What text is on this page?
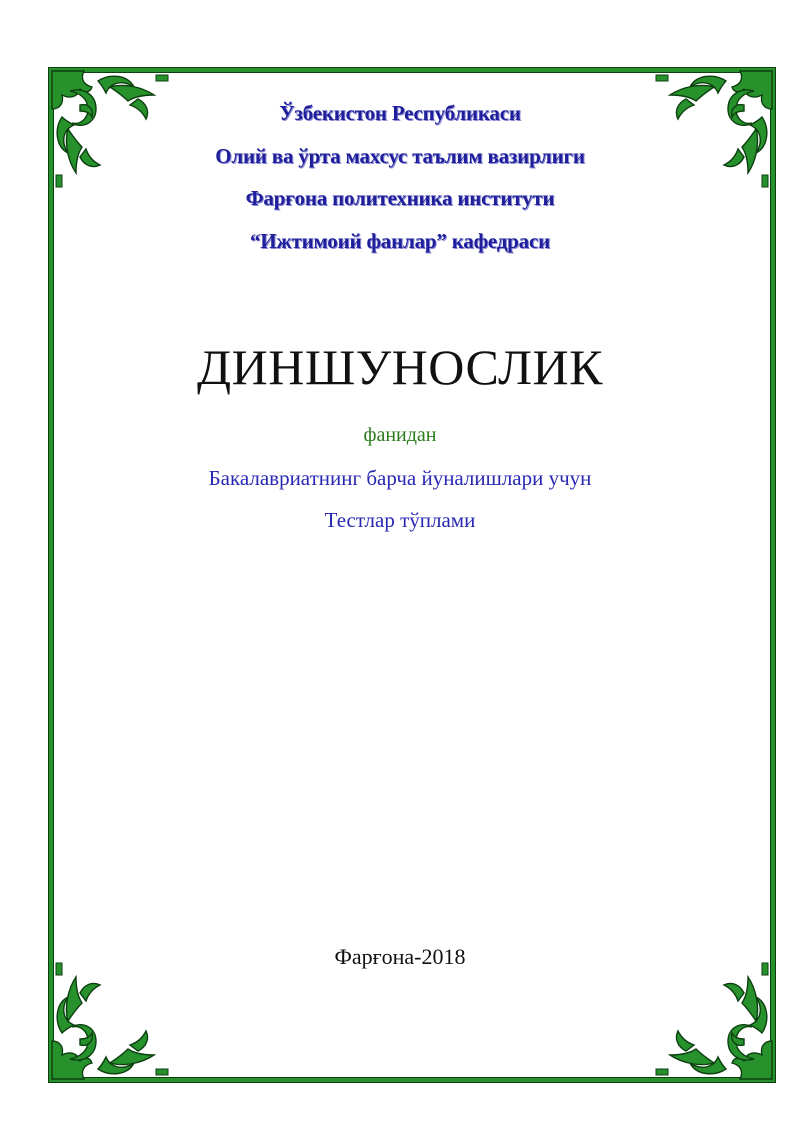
Ўзбекистон Республикаси
Олий ва ўрта махсус таълим вазирлиги
Фарғона политехника институти
“Ижтимоий фанлар” кафедраси
ДИНШУНОСЛИК
фанидан
Бакалавриатнинг барча йуналишлари учун
Тестлар тўплами
Фарғона-2018
